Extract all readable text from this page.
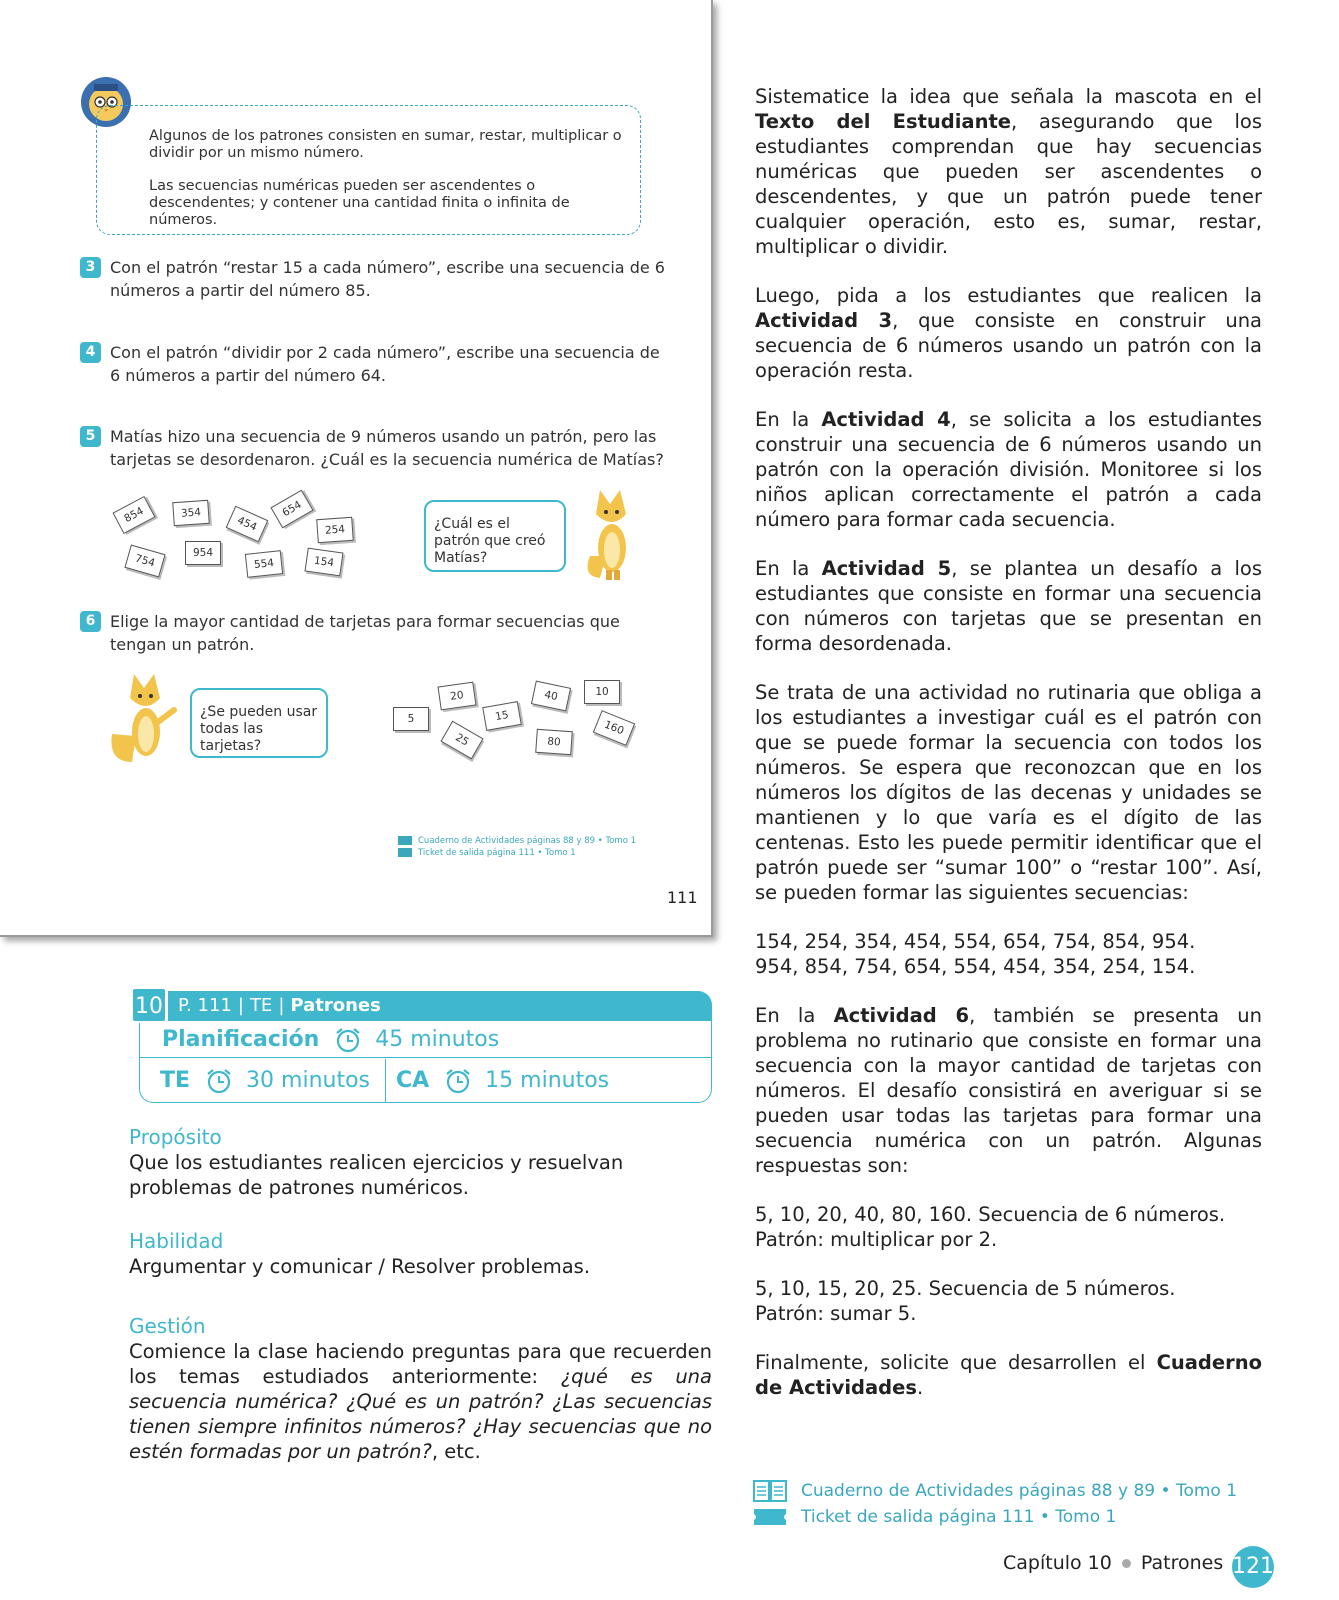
Algunos de los patrones consisten en sumar, restar, multiplicar o dividir por un mismo número.

Las secuencias numéricas pueden ser ascendentes o descendentes; y contener una cantidad finita o infinita de números.

3 Con el patrón “restar 15 a cada número”, escribe una secuencia de 6 números a partir del número 85.
4 Con el patrón “dividir por 2 cada número”, escribe una secuencia de 6 números a partir del número 64.
5 Matías hizo una secuencia de 9 números usando un patrón, pero las tarjetas se desordenaron. ¿Cuál es la secuencia numérica de Matías?
854	354
454
654
254
754	954
554	154
¿Cuál es el patrón que creó Matías?
6 Elige la mayor cantidad de tarjetas para formar secuencias que tengan un patrón.
¿Se pueden usar todas las tarjetas?
20	40	10
5	15
160
25	80
Cuaderno de Actividades páginas 88 y 89 • Tomo 1
Ticket de salida página 111 • Tomo 1
111
10 P. 111 | TE | Patrones
Planificación	45 minutos
TE	30 minutos	CA	15 minutos
Propósito
Que los estudiantes realicen ejercicios y resuelvan problemas de patrones numéricos.
Habilidad
Argumentar y comunicar / Resolver problemas.
Gestión
Comience la clase haciendo preguntas para que recuerden los temas estudiados anteriormente: ¿qué es una secuencia numérica? ¿Qué es un patrón? ¿Las secuencias tienen siempre infinitos números? ¿Hay secuencias que no estén formadas por un patrón?, etc.

Sistematice la idea que señala la mascota en el Texto del Estudiante, asegurando que los estudiantes comprendan que hay secuencias numéricas que pueden ser ascendentes o descendentes, y que un patrón puede tener cualquier operación, esto es, sumar, restar, multiplicar o dividir.

Luego, pida a los estudiantes que realicen la Actividad 3, que consiste en construir una secuencia de 6 números usando un patrón con la operación resta.

En la Actividad 4, se solicita a los estudiantes construir una secuencia de 6 números usando un patrón con la operación división. Monitoree si los niños aplican correctamente el patrón a cada número para formar cada secuencia.

En la Actividad 5, se plantea un desafío a los estudiantes que consiste en formar una secuencia con números con tarjetas que se presentan en forma desordenada.

Se trata de una actividad no rutinaria que obliga a los estudiantes a investigar cuál es el patrón con que se puede formar la secuencia con todos los números. Se espera que reconozcan que en los números los dígitos de las decenas y unidades se mantienen y lo que varía es el dígito de las centenas. Esto les puede permitir identificar que el patrón puede ser “sumar 100” o “restar 100”. Así, se pueden formar las siguientes secuencias:

154, 254, 354, 454, 554, 654, 754, 854, 954.

954, 854, 754, 654, 554, 454, 354, 254, 154.

En la Actividad 6, también se presenta un problema no rutinario que consiste en formar una secuencia con la mayor cantidad de tarjetas con números. El desafío consistirá en averiguar si se pueden usar todas las tarjetas para formar una secuencia numérica con un patrón. Algunas respuestas son:

5, 10, 20, 40, 80, 160. Secuencia de 6 números.

Patrón: multiplicar por 2.

5, 10, 15, 20, 25. Secuencia de 5 números.

Patrón: sumar 5.

Finalmente, solicite que desarrollen el Cuaderno de Actividades.

Cuaderno de Actividades páginas 88 y 89 • Tomo 1
Ticket de salida página 111 • Tomo 1
Capítulo 10 Patrones 121
